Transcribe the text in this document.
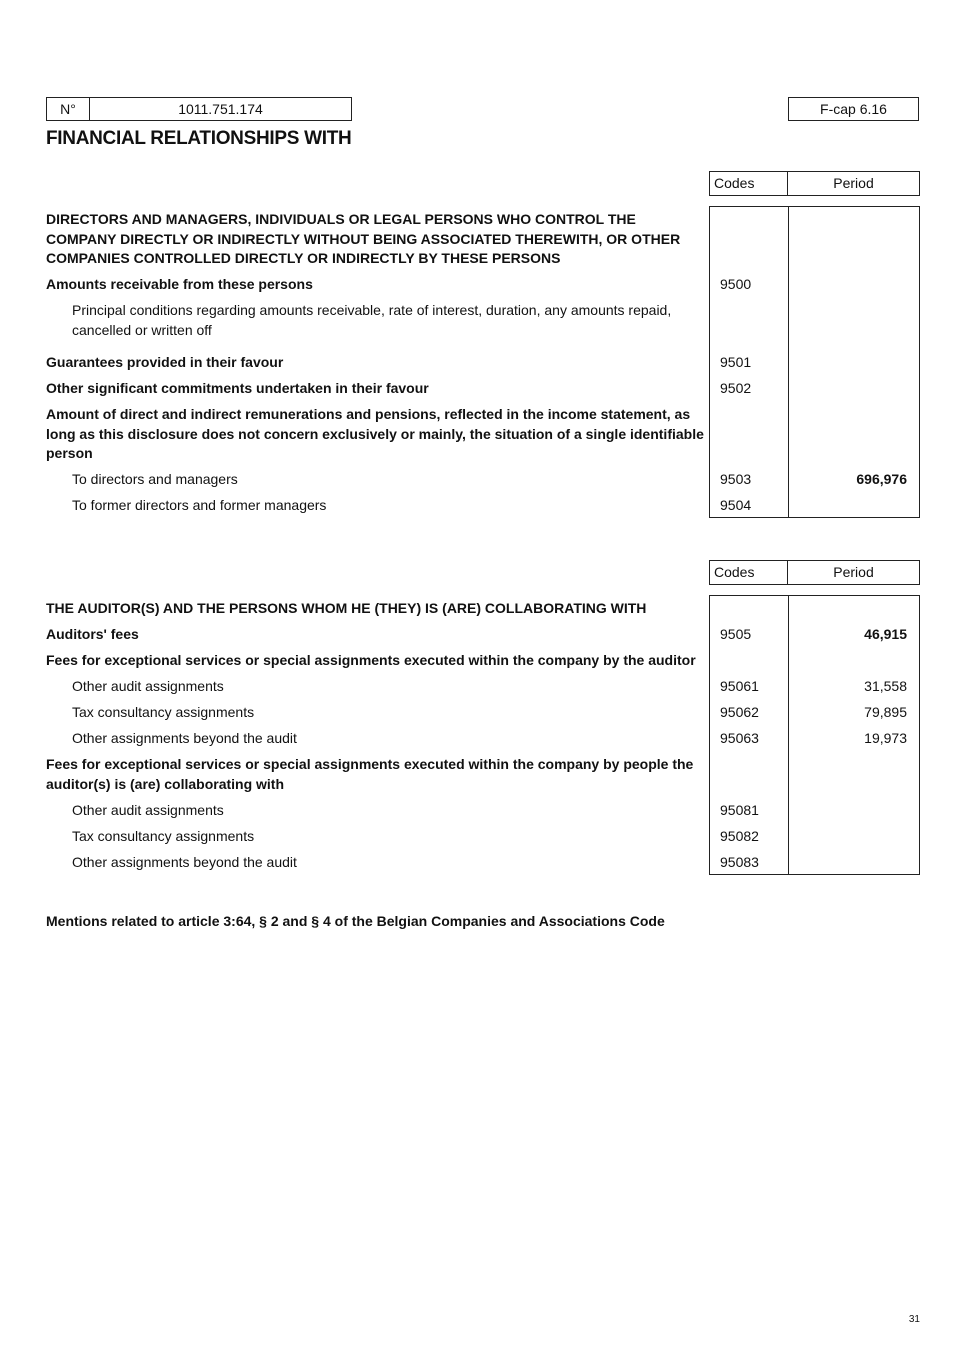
N°	1011.751.174	F-cap 6.16
FINANCIAL RELATIONSHIPS WITH
Codes	Period
DIRECTORS AND MANAGERS, INDIVIDUALS OR LEGAL PERSONS WHO CONTROL THE COMPANY DIRECTLY OR INDIRECTLY WITHOUT BEING ASSOCIATED THEREWITH, OR OTHER COMPANIES CONTROLLED DIRECTLY OR INDIRECTLY BY THESE PERSONS
Amounts receivable from these persons	9500
Principal conditions regarding amounts receivable, rate of interest, duration, any amounts repaid, cancelled or written off
Guarantees provided in their favour	9501
Other significant commitments undertaken in their favour	9502
Amount of direct and indirect remunerations and pensions, reflected in the income statement, as long as this disclosure does not concern exclusively or mainly, the situation of a single identifiable person
To directors and managers	9503	696,976
To former directors and former managers	9504
Codes	Period
THE AUDITOR(S) AND THE PERSONS WHOM HE (THEY) IS (ARE) COLLABORATING WITH
Auditors' fees	9505	46,915
Fees for exceptional services or special assignments executed within the company by the auditor
Other audit assignments	95061	31,558
Tax consultancy assignments	95062	79,895
Other assignments beyond the audit	95063	19,973
Fees for exceptional services or special assignments executed within the company by people the auditor(s) is (are) collaborating with
Other audit assignments	95081
Tax consultancy assignments	95082
Other assignments beyond the audit	95083
Mentions related to article 3:64, § 2 and § 4 of the Belgian Companies and Associations Code
31
